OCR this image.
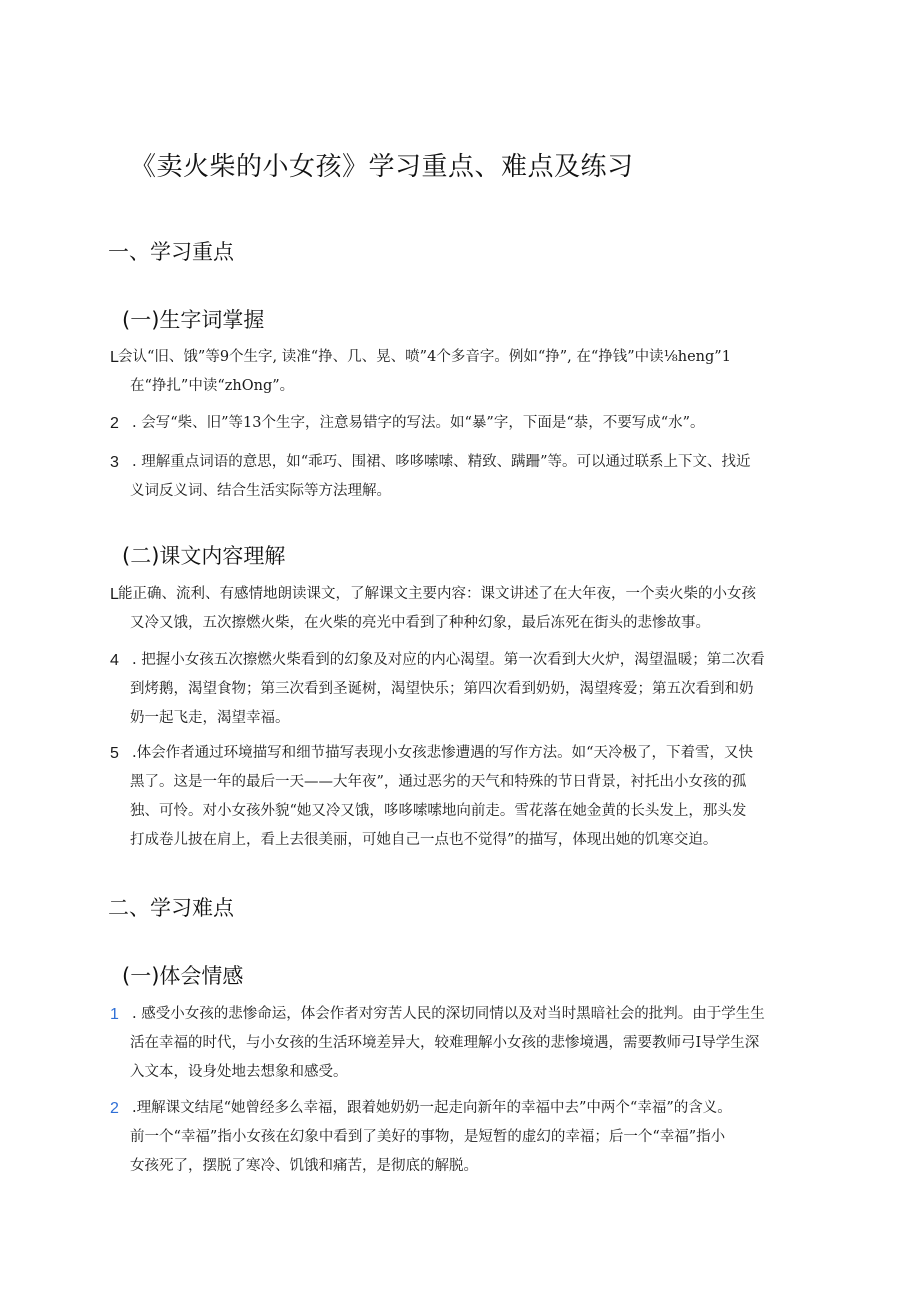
《卖火柴的小女孩》学习重点、难点及练习
一、学习重点
(一)生字词掌握
L 会认“旧、饿”等9个生字, 读准“挣、几、晃、喷”4个多音字。例如“挣”, 在“挣钱”中读⅛heng”1
在“挣扎”中读“zhOng”。
2 . 会写“柴、旧”等13个生字，注意易错字的写法。如“暴”字，下面是“㳟，不要写成“水”。
3 . 理解重点词语的意思，如“乖巧、围裙、哆哆嗦嗦、精致、蹒跚”等。可以通过联系上下文、找近
义词反义词、结合生活实际等方法理解。
(二)课文内容理解
L 能正确、流利、有感情地朗读课文，了解课文主要内容：课文讲述了在大年夜，一个卖火柴的小女孩
又冷又饿，五次擦燃火柴，在火柴的亮光中看到了种种幻象，最后冻死在街头的悲惨故事。
4 . 把握小女孩五次擦燃火柴看到的幻象及对应的内心渴望。第一次看到大火炉，渴望温暖；第二次看
到烤鹅，渴望食物；第三次看到圣诞树，渴望快乐；第四次看到奶奶，渴望疼爱；第五次看到和奶
奶一起飞走，渴望幸福。
5 .体会作者通过环境描写和细节描写表现小女孩悲惨遭遇的写作方法。如“天冷极了，下着雪，又快
黑了。这是一年的最后一天——大年夜”，通过恶劣的天气和特殊的节日背景，衬托出小女孩的孤
独、可怜。对小女孩外貌“她又冷又饿，哆哆嗦嗦地向前走。雪花落在她金黄的长头发上，那头发
打成卷儿披在肩上，看上去很美丽，可她自己一点也不觉得”的描写，体现出她的饥寒交迫。
二、学习难点
(一)体会情感
1 . 感受小女孩的悲惨命运，体会作者对穷苦人民的深切同情以及对当时黑暗社会的批判。由于学生生
活在幸福的时代，与小女孩的生活环境差异大，较难理解小女孩的悲惨境遇，需要教师弓I导学生深
入文本，设身处地去想象和感受。
2 .理解课文结尾“她曾经多么幸福，跟着她奶奶一起走向新年的幸福中去”中两个“幸福”的含义。
前一个“幸福”指小女孩在幻象中看到了美好的事物，是短暂的虚幻的幸福；后一个“幸福”指小
女孩死了，摆脱了寒冷、饥饿和痛苦，是彻底的解脱。
